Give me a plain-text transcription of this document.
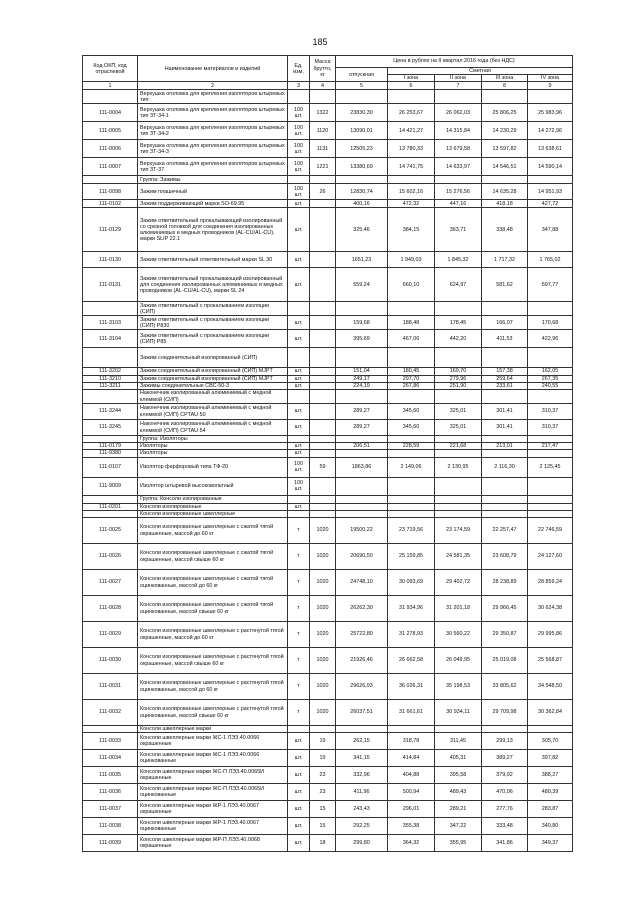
185
Код ОКП, код отраслевой	Наименование материалов и изделий	Ед. изм.	Масса брутто, кг	Цена в рублях на II квартал 2016 года (без НДС)				
				отпускная	Сметная			
					I зона	II зона	III зона	IV зона
1	2	3	4	5	6	7	8	9
	Верхушка оголовка для крепления изоляторов штыревых тип:							
111-0004	Верхушка оголовка для крепления изоляторов штыревых тип ЗТ-34-1	100 шт.	1322	23830,30	26 253,67	26 062,03	25 806,25	25 983,96
111-0005	Верхушка оголовка для крепления изоляторов штыревых тип ЗТ-34-2	100 шт.	1120	13090,01	14 421,27	14 315,84	14 230,29	14 272,96
111-0006	Верхушка оголовка для крепления изоляторов штыревых тип ЗТ-34-3	100 шт.	1131	12505,23	13 780,33	13 679,58	13 597,82	13 638,61
111-0007	Верхушка оголовка для крепления изоляторов штыревых тип ЗТ-37	100 шт.	1221	13380,69	14 741,75	14 633,97	14 546,51	14 590,14
	Группа: Зажимы							
111-0098	Зажим плашечный	100 шт.	26	12830,74	15 602,16	15 276,56	14 635,28	14 951,93
111-0102	Зажим поддерживающий марки SO-69.95	шт.		400,16	472,32	447,16	418,18	427,72
111-0129	Зажим ответвительный прокалывающий изолированный со срезной головкой для соединения изолированных алюминиевых и медных проводников (AL-CU/AL-CU), марки SLIP 22.1	шт.		325,46	384,15	363,71	338,48	347,88
111-0130	Зажим ответвительный ответвительный марки SL 30	шт.		1651,23	1 949,03	1 845,32	1 717,32	1 765,02
111-0131	Зажим ответвительный прокалывающий изолированный для соединения изолированных алюминиевых и медных проводников (AL-CU/AL-CU), марки SL 24	шт.		559,24	660,10	624,97	581,62	597,77
	Зажим ответвительный с прокалыванием изоляции (СИП)							
111-3103	Зажим ответвительный с прокалыванием изоляции (СИП) Р830	шт.		159,68	188,48	178,45	166,07	170,68
111-3104	Зажим ответвительный с прокалыванием изоляции (СИП) Р85	шт.		395,69	467,06	442,20	411,53	422,96
	Зажим соединительный изолированный (СИП)							
111-3202	Зажим соединительный изолированный (СИП) MJPT	шт.		151,04	180,45	169,70	157,38	162,05
111-3210	Зажим соединительный изолированный (СИП) MJPT	шт.		249,17	297,70	279,96	259,64	267,35
111-3211	Зажимы соединительные СВС-50-3	шт.		224,19	267,86	251,90	233,61	240,55
	Наконечник изолированный алюминиевый с медной клеммой (СИП)							
111-3244	Наконечник изолированный алюминиевый с медной клеммой (СИП) CPTAU 50	шт.		289,27	345,60	325,01	301,41	310,37
111-3245	Наконечник изолированный алюминиевый с медной клеммой (СИП) CPTAU 54	шт.		289,27	345,60	325,01	301,41	310,37
	Группа: Изоляторы							
111-0179	Изоляторы	шт.		206,51	228,59	221,68	213,01	217,47
111-9380	Изоляторы	шт.						
111-0107	Изолятор фарфоровый типа ТФ-20	100 шт.	59	1863,86	2 149,06	2 130,95	2 116,30	2 125,45
111-9009	Изолятор штыревой высоковольтный	100 шт.						
	Группа: Консоли изолированные							
111-0201	Консоли изолированные	шт.						
	Консоли изолированные швеллерные							
111-0025	Консоли изолированные швеллерные с сжатой тягой окрашенные, массой до 60 кг	т	1020	19500,22	23 719,56	23 174,59	22 257,47	22 746,59
111-0026	Консоли изолированные швеллерные с сжатой тягой окрашенные, массой свыше 60 кг	т	1020	20690,50	25 159,85	24 581,35	23 608,79	24 127,60
111-0027	Консоли изолированные швеллерные с сжатой тягой оцинкованные, массой до 60 кг	т	1020	24748,10	30 093,69	29 402,72	28 238,89	28 859,24
111-0028	Консоли изолированные швеллерные с сжатой тягой оцинкованные, массой свыше 60 кг	т	1020	26262,30	31 934,96	31 201,18	29 966,45	30 624,38
111-0029	Консоли изолированные швеллерные с растянутой тягой окрашенные, массой до 60 кг	т	1020	25722,80	31 278,93	30 560,22	29 350,87	29 995,86
111-0030	Консоли изолированные швеллерные с растянутой тягой окрашенные, массой свыше 60 кг	т	1020	21926,46	26 662,58	26 049,95	25 019,08	25 568,87
111-0031	Консоли изолированные швеллерные с растянутой тягой оцинкованные, массой до 60 кг	т	1020	29626,93	36 026,31	35 198,53	33 805,62	34 548,50
111-0032	Консоли изолированные швеллерные с растянутой тягой оцинкованные, массой свыше 60 кг	т	1020	26037,51	31 661,61	30 934,11	29 709,98	30 362,84
	Консоли швеллерные марки							
111-0033	Консоли швеллерные марки ЖС-1 ЛЭЗ.40.0066 окрашенные	шт.	19	262,15	318,78	311,45	299,13	305,70
111-0034	Консоли швеллерные марки ЖС-1 ЛЭЗ.40.0066 оцинкованные	шт.	19	341,15	414,84	405,31	389,27	397,82
111-0035	Консоли швеллерные марки ЖС-П ЛЭЗ.40.0065И окрашенные	шт.	23	332,96	404,88	395,58	379,92	388,27
111-0036	Консоли швеллерные марки ЖС-П ЛЭЗ.40.0065И оцинкованные	шт.	23	411,96	500,94	489,43	470,06	480,39
111-0037	Консоли швеллерные марки ЖР-1 ЛЭЗ.40.0067 окрашенные	шт.	15	243,43	296,01	289,21	277,76	283,87
111-0038	Консоли швеллерные марки ЖР-1 ЛЭЗ.40.0067 оцинкованные	шт.	15	292,25	355,38	347,22	333,48	340,80
111-0039	Консоли швеллерные марки ЖР-П ЛЭЗ.40.0068 окрашенные	шт.	18	299,80	364,32	355,95	341,86	349,37
